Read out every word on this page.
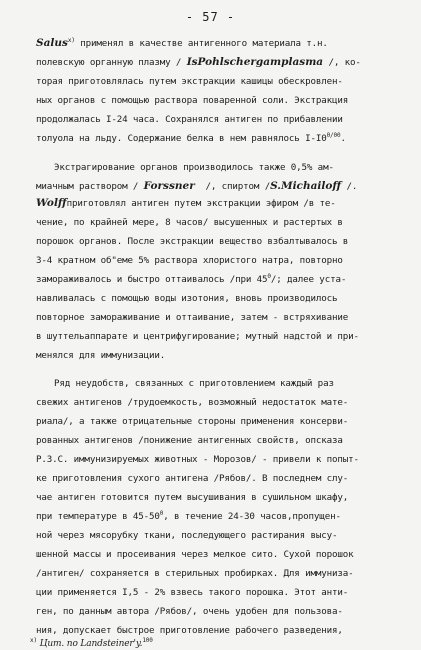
- 57 -
Salus$^{x)}$ применял в качестве антигенного материала т.н.
полевскую органную плазму / IsPohlschergamplasma /, ко-
торая приготовлялась путем экстракции кашицы обескровлен-
ных органов с помощью раствора поваренной соли. Экстракция
продолжалась I-24 часа. Сохранялся антиген по прибавлении
толуола на льду. Содержание белка в нем равнялось $I-I0^{0/00}$.
Экстрагирование органов производилось также 0,5% ам-
миачным раствором / Forssner  /, спиртом /S.Michailoff /.
Wolffприготовлял антиген путем экстракции эфиром /в те-
чение, по крайней мере, 8 часов/ высушенных и растертых в
порошок органов. После экстракции вещество взбалтывалось в
3-4 кратном об"еме 5% раствора хлористого натра, повторно
замораживалось и быстро оттаивалось /при $45^0/$; далее уста-
навливалась с помощью воды изотония, вновь производилось
повторное замораживание и оттаивание, затем - встряхивание
в шуттельаппарате и центрифугирование; мутный надстой и при-
менялся для иммунизации.
Ряд неудобств, связанных с приготовлением каждый раз
свежих антигенов /трудоемкость, возможный недостаток мате-
риала/, а также отрицательные стороны применения консерви-
рованных антигенов /понижение антигенных свойств, опсказа
Р.З.С. иммунизируемых животных - Морозов/ - привели к попыт-
ке приготовления сухого антигена /Рябов/. В последнем слу-
чае антиген готовится путем высушивания в сушильном шкафу,
при температуре в $45-50^0$, в течение 24-30 часов,пропущен-
ной через мясорубку ткани, последующего растирания высу-
шенной массы и просеивания через мелкое сито. Сухой порошок
/антиген/ сохраняется в стерильных пробирках. Для иммуниза-
ции применяется I,5 - 2% взвесь такого порошка. Этот анти-
ген, по данным автора /Рябов/, очень удобен для пользова-
ния, допускает быстрое приготовление рабочего разведения,
$^{x)}$ Цит. по Landsteiner'y.$^{100}$
